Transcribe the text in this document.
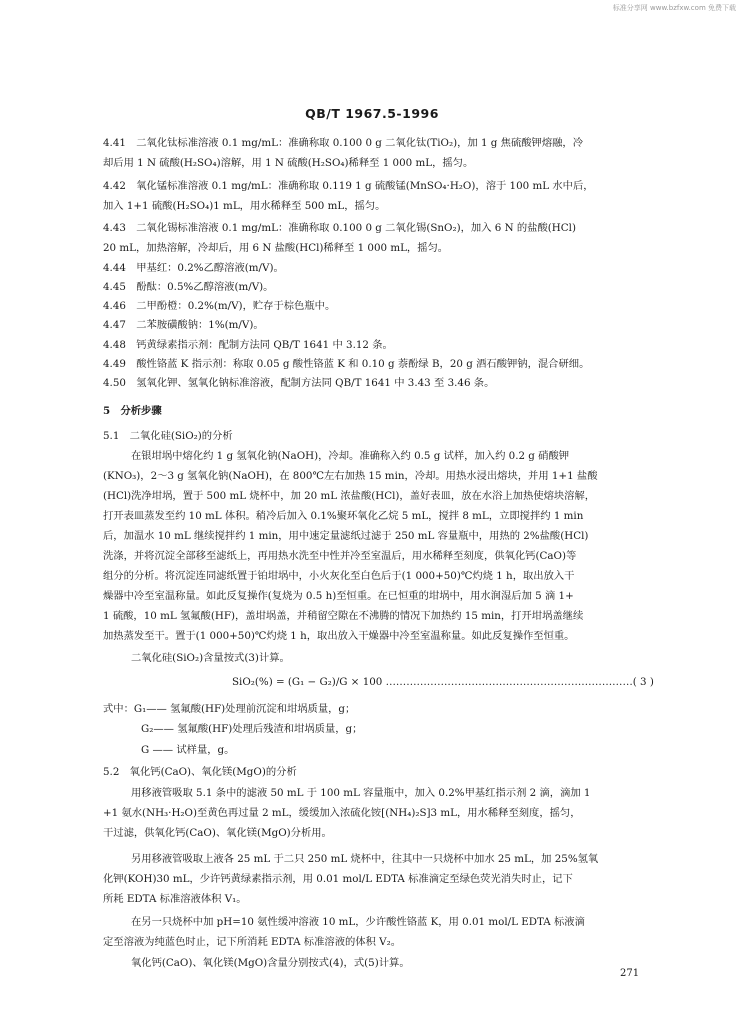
标准分享网 www.bzfxw.com 免费下载
QB/T 1967.5-1996
4.41　二氧化钛标准溶液 0.1 mg/mL：准确称取 0.100 0 g 二氧化钛(TiO₂)，加 1 g 焦硫酸钾熔融，冷
却后用 1 N 硫酸(H₂SO₄)溶解，用 1 N 硫酸(H₂SO₄)稀释至 1 000 mL，摇匀。
4.42　氧化锰标准溶液 0.1 mg/mL：准确称取 0.119 1 g 硫酸锰(MnSO₄·H₂O)，溶于 100 mL 水中后，
加入 1+1 硫酸(H₂SO₄)1 mL，用水稀释至 500 mL，摇匀。
4.43　二氧化锡标准溶液 0.1 mg/mL：准确称取 0.100 0 g 二氧化锡(SnO₂)，加入 6 N 的盐酸(HCl)
20 mL，加热溶解，冷却后，用 6 N 盐酸(HCl)稀释至 1 000 mL，摇匀。
4.44　甲基红：0.2%乙醇溶液(m/V)。
4.45　酚酞：0.5%乙醇溶液(m/V)。
4.46　二甲酚橙：0.2%(m/V)，贮存于棕色瓶中。
4.47　二苯胺磺酸钠：1%(m/V)。
4.48　钙黄绿素指示剂：配制方法同 QB/T 1641 中 3.12 条。
4.49　酸性铬蓝 K 指示剂：称取 0.05 g 酸性铬蓝 K 和 0.10 g 萘酚绿 B，20 g 酒石酸钾钠，混合研细。
4.50　氢氧化钾、氢氧化钠标准溶液，配制方法同 QB/T 1641 中 3.43 至 3.46 条。
5　分析步骤
5.1　二氧化硅(SiO₂)的分析
在银坩埚中熔化约 1 g 氢氧化钠(NaOH)，冷却。准确称入约 0.5 g 试样，加入约 0.2 g 硝酸钾
(KNO₃)，2～3 g 氢氧化钠(NaOH)，在 800℃左右加热 15 min，冷却。用热水浸出熔块，并用 1+1 盐酸
(HCl)洗净坩埚，置于 500 mL 烧杯中，加 20 mL 浓盐酸(HCl)，盖好表皿，放在水浴上加热使熔块溶解，
打开表皿蒸发至约 10 mL 体积。稍冷后加入 0.1%聚环氧化乙烷 5 mL，搅拌 8 mL，立即搅拌约 1 min
后，加温水 10 mL 继续搅拌约 1 min，用中速定量滤纸过滤于 250 mL 容量瓶中，用热的 2%盐酸(HCl)
洗涤，并将沉淀全部移至滤纸上，再用热水洗至中性并冷至室温后，用水稀释至刻度，供氧化钙(CaO)等
组分的分析。将沉淀连同滤纸置于铂坩埚中，小火灰化至白色后于(1 000+50)℃灼烧 1 h，取出放入干
燥器中冷至室温称量。如此反复操作(复烧为 0.5 h)至恒重。在已恒重的坩埚中，用水润湿后加 5 滴 1+
1 硫酸，10 mL 氢氟酸(HF)，盖坩埚盖，并稍留空隙在不沸腾的情况下加热约 15 min，打开坩埚盖继续
加热蒸发至干。置于(1 000+50)℃灼烧 1 h，取出放入干燥器中冷至室温称量。如此反复操作至恒重。
二氧化硅(SiO₂)含量按式(3)计算。
SiO₂(%) = (G₁ − G₂)/G × 100 ………………………………………………………………( 3 )
式中：G₁—— 氢氟酸(HF)处理前沉淀和坩埚质量，g；
G₂—— 氢氟酸(HF)处理后残渣和坩埚质量，g；
G —— 试样量，g。
5.2　氧化钙(CaO)、氧化镁(MgO)的分析
用移液管吸取 5.1 条中的滤液 50 mL 于 100 mL 容量瓶中，加入 0.2%甲基红指示剂 2 滴，滴加 1
+1 氨水(NH₃·H₂O)至黄色再过量 2 mL，缓缓加入浓硫化铵[(NH₄)₂S]3 mL，用水稀释至刻度，摇匀，
干过滤，供氧化钙(CaO)、氧化镁(MgO)分析用。
另用移液管吸取上液各 25 mL 于二只 250 mL 烧杯中，往其中一只烧杯中加水 25 mL，加 25%氢氧
化钾(KOH)30 mL，少许钙黄绿素指示剂，用 0.01 mol/L EDTA 标准滴定至绿色荧光消失时止，记下
所耗 EDTA 标准溶液体积 V₁。
在另一只烧杯中加 pH=10 氨性缓冲溶液 10 mL，少许酸性铬蓝 K，用 0.01 mol/L EDTA 标液滴
定至溶液为纯蓝色时止，记下所消耗 EDTA 标准溶液的体积 V₂。
氧化钙(CaO)、氧化镁(MgO)含量分别按式(4)，式(5)计算。
271
